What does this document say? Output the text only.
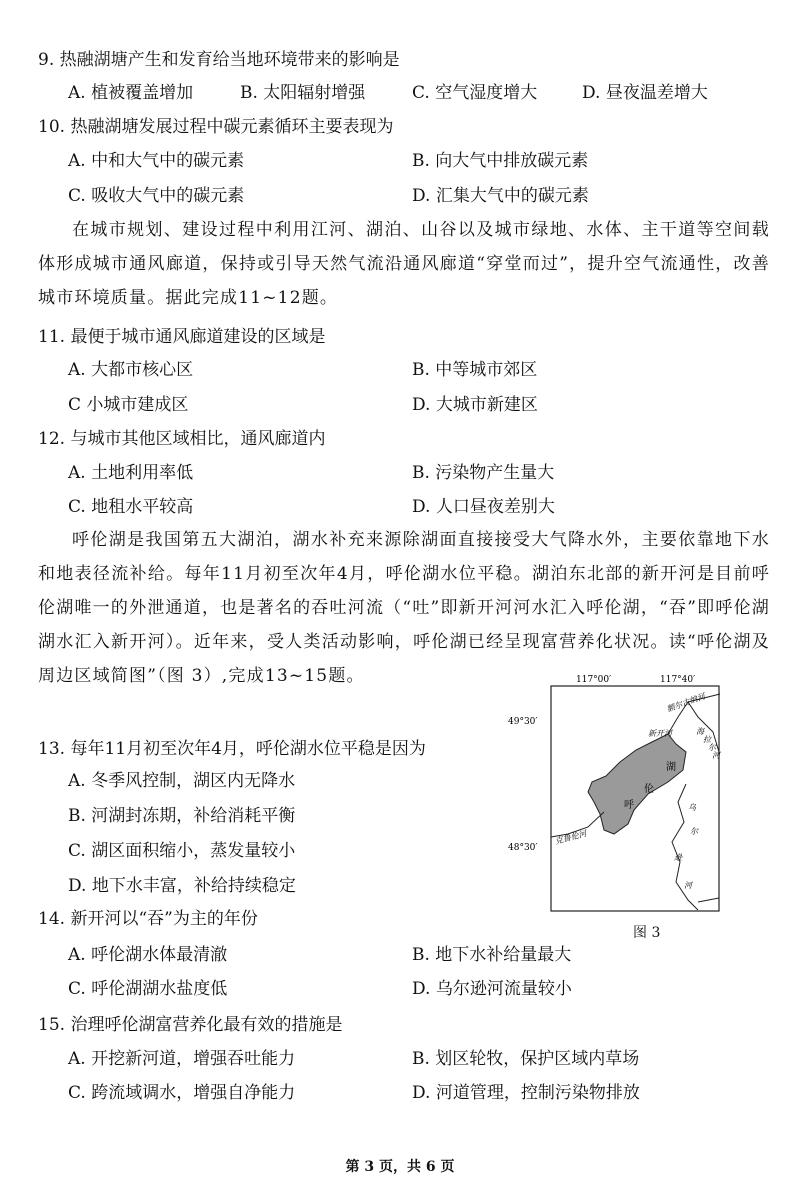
9. 热融湖塘产生和发育给当地环境带来的影响是
A. 植被覆盖增加	B. 太阳辐射增强	C. 空气湿度增大	D. 昼夜温差增大
10. 热融湖塘发展过程中碳元素循环主要表现为
A. 中和大气中的碳元素	B. 向大气中排放碳元素
C. 吸收大气中的碳元素	D. 汇集大气中的碳元素
在城市规划、建设过程中利用江河、湖泊、山谷以及城市绿地、水体、主干道等空间载体形成城市通风廊道，保持或引导天然气流沿通风廊道“穿堂而过”，提升空气流通性，改善城市环境质量。据此完成11~12题。
11. 最便于城市通风廊道建设的区域是
A. 大都市核心区	B. 中等城市郊区
C 小城市建成区	D. 大城市新建区
12. 与城市其他区域相比，通风廊道内
A. 土地利用率低	B. 污染物产生量大
C. 地租水平较高	D. 人口昼夜差别大
呼伦湖是我国第五大湖泊，湖水补充来源除湖面直接接受大气降水外，主要依靠地下水和地表径流补给。每年11月初至次年4月，呼伦湖水位平稳。湖泊东北部的新开河是目前呼伦湖唯一的外泄通道，也是著名的吞吐河流（“吐”即新开河河水汇入呼伦湖，“吞”即呼伦湖湖水汇入新开河）。近年来，受人类活动影响，呼伦湖已经呈现富营养化状况。读“呼伦湖及周边区域简图”（图 3）,完成13~15题。
13. 每年11月初至次年4月，呼伦湖水位平稳是因为
A. 冬季风控制，湖区内无降水
B. 河湖封冻期，补给消耗平衡
C. 湖区面积缩小，蒸发量较小
D. 地下水丰富，补给持续稳定
14. 新开河以“吞”为主的年份
A. 呼伦湖水体最清澈	B. 地下水补给量最大
C. 呼伦湖湖水盐度低	D. 乌尔逊河流量较小
15. 治理呼伦湖富营养化最有效的措施是
A. 开挖新河道，增强吞吐能力	B. 划区轮牧，保护区域内草场
C. 跨流域调水，增强自净能力	D. 河道管理，控制污染物排放
117°00′	117°40′
49°30′
48°30′
呼
伦
湖
新开河
额尔古纳河
海
拉
尔
河
乌
尔
逊
河
克鲁伦河
图 3
第 3 页，共 6 页
